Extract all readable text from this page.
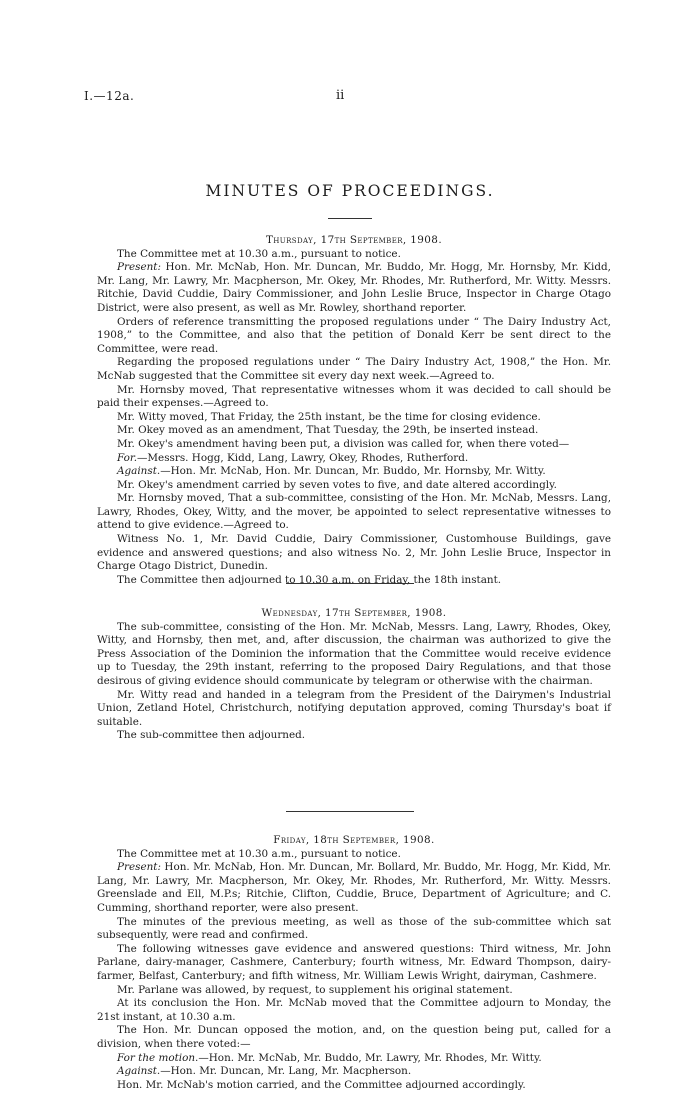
I.—12a.	ii
MINUTES OF PROCEEDINGS.

Thursday, 17th September, 1908.

The Committee met at 10.30 a.m., pursuant to notice.

Present: Hon. Mr. McNab, Hon. Mr. Duncan, Mr. Buddo, Mr. Hogg, Mr. Hornsby, Mr. Kidd, Mr. Lang, Mr. Lawry, Mr. Macpherson, Mr. Okey, Mr. Rhodes, Mr. Rutherford, Mr. Witty. Messrs. Ritchie, David Cuddie, Dairy Commissioner, and John Leslie Bruce, Inspector in Charge Otago District, were also present, as well as Mr. Rowley, shorthand reporter.

Orders of reference transmitting the proposed regulations under “ The Dairy Industry Act, 1908,” to the Committee, and also that the petition of Donald Kerr be sent direct to the Committee, were read.

Regarding the proposed regulations under “ The Dairy Industry Act, 1908,” the Hon. Mr. McNab suggested that the Committee sit every day next week.—Agreed to.

Mr. Hornsby moved, That representative witnesses whom it was decided to call should be paid their expenses.—Agreed to.

Mr. Witty moved, That Friday, the 25th instant, be the time for closing evidence.

Mr. Okey moved as an amendment, That Tuesday, the 29th, be inserted instead.

Mr. Okey's amendment having been put, a division was called for, when there voted—

For.—Messrs. Hogg, Kidd, Lang, Lawry, Okey, Rhodes, Rutherford.

Against.—Hon. Mr. McNab, Hon. Mr. Duncan, Mr. Buddo, Mr. Hornsby, Mr. Witty.

Mr. Okey's amendment carried by seven votes to five, and date altered accordingly.

Mr. Hornsby moved, That a sub-committee, consisting of the Hon. Mr. McNab, Messrs. Lang, Lawry, Rhodes, Okey, Witty, and the mover, be appointed to select representative witnesses to attend to give evidence.—Agreed to.

Witness No. 1, Mr. David Cuddie, Dairy Commissioner, Customhouse Buildings, gave evidence and answered questions; and also witness No. 2, Mr. John Leslie Bruce, Inspector in Charge Otago District, Dunedin.

The Committee then adjourned to 10.30 a.m. on Friday, the 18th instant.

Wednesday, 17th September, 1908.

The sub-committee, consisting of the Hon. Mr. McNab, Messrs. Lang, Lawry, Rhodes, Okey, Witty, and Hornsby, then met, and, after discussion, the chairman was authorized to give the Press Association of the Dominion the information that the Committee would receive evidence up to Tuesday, the 29th instant, referring to the proposed Dairy Regulations, and that those desirous of giving evidence should communicate by telegram or otherwise with the chairman.

Mr. Witty read and handed in a telegram from the President of the Dairymen's Industrial Union, Zetland Hotel, Christchurch, notifying deputation approved, coming Thursday's boat if suitable.

The sub-committee then adjourned.

Friday, 18th September, 1908.

The Committee met at 10.30 a.m., pursuant to notice.

Present: Hon. Mr. McNab, Hon. Mr. Duncan, Mr. Bollard, Mr. Buddo, Mr. Hogg, Mr. Kidd, Mr. Lang, Mr. Lawry, Mr. Macpherson, Mr. Okey, Mr. Rhodes, Mr. Rutherford, Mr. Witty. Messrs. Greenslade and Ell, M.P.s; Ritchie, Clifton, Cuddie, Bruce, Department of Agriculture; and C. Cumming, shorthand reporter, were also present.

The minutes of the previous meeting, as well as those of the sub-committee which sat subsequently, were read and confirmed.

The following witnesses gave evidence and answered questions: Third witness, Mr. John Parlane, dairy-manager, Cashmere, Canterbury; fourth witness, Mr. Edward Thompson, dairy-farmer, Belfast, Canterbury; and fifth witness, Mr. William Lewis Wright, dairyman, Cashmere.

Mr. Parlane was allowed, by request, to supplement his original statement.

At its conclusion the Hon. Mr. McNab moved that the Committee adjourn to Monday, the 21st instant, at 10.30 a.m.

The Hon. Mr. Duncan opposed the motion, and, on the question being put, called for a division, when there voted:—

For the motion.—Hon. Mr. McNab, Mr. Buddo, Mr. Lawry, Mr. Rhodes, Mr. Witty.

Against.—Hon. Mr. Duncan, Mr. Lang, Mr. Macpherson.

Hon. Mr. McNab's motion carried, and the Committee adjourned accordingly.
